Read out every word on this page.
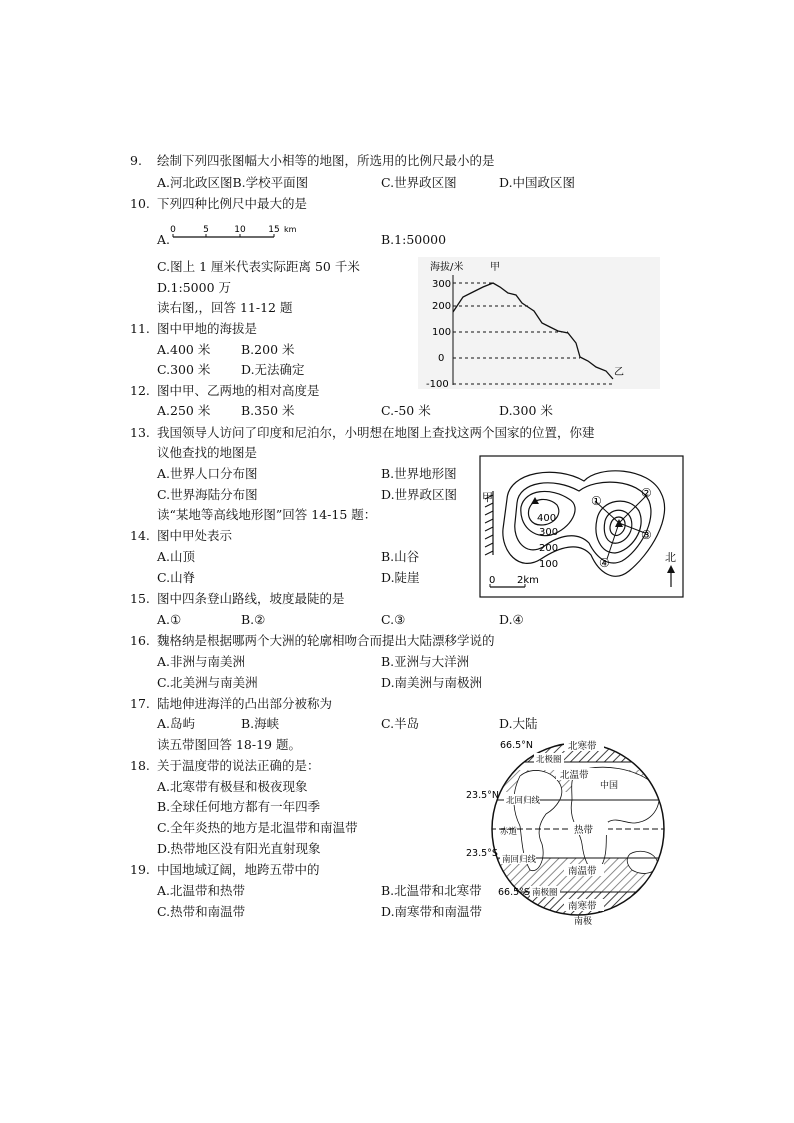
9. 绘制下列四张图幅大小相等的地图，所选用的比例尺最小的是
A.河北政区图B.学校平面图	C.世界政区图	D.中国政区图
10. 下列四种比例尺中最大的是
A.
0	5	10	15 km
B.1:50000
C.图上 1 厘米代表实际距离 50 千米
D.1:5000 万
读右图,，回答 11-12 题
海拔/米	甲
300
200
100
0
-100
乙
11. 图中甲地的海拔是
A.400 米 B.200 米
C.300 米 D.无法确定
12. 图中甲、乙两地的相对高度是
A.250 米 B.350 米	C.-50 米	D.300 米
13. 我国领导人访问了印度和尼泊尔，小明想在地图上查找这两个国家的位置，你建
议他查找的地图是
A.世界人口分布图	B.世界地形图
C.世界海陆分布图	D.世界政区图
读“某地等高线地形图”回答 14-15 题：
甲
400
300
200
100
①
②
③
④
0 2km
北
14. 图中甲处表示
A.山顶	B.山谷
C.山脊	D.陡崖
15. 图中四条登山路线，坡度最陡的是
A.①	B.②	C.③	D.④
16. 魏格纳是根据哪两个大洲的轮廓相吻合而提出大陆漂移学说的
A.非洲与南美洲	B.亚洲与大洋洲
C.北美洲与南美洲	D.南美洲与南极洲
17. 陆地伸进海洋的凸出部分被称为
A.岛屿	B.海峡	C.半岛	D.大陆
读五带图回答 18-19 题。	66.5°N
23.5°N
23.5°S
66.5°S
北寒带
北极圈
北温带
中国
北回归线
热带
赤道
南回归线
南温带
南极圈
南寒带
南极
18. 关于温度带的说法正确的是：
A.北寒带有极昼和极夜现象
B.全球任何地方都有一年四季
C.全年炎热的地方是北温带和南温带
D.热带地区没有阳光直射现象
19. 中国地域辽阔，地跨五带中的
A.北温带和热带	B.北温带和北寒带
C.热带和南温带	D.南寒带和南温带
